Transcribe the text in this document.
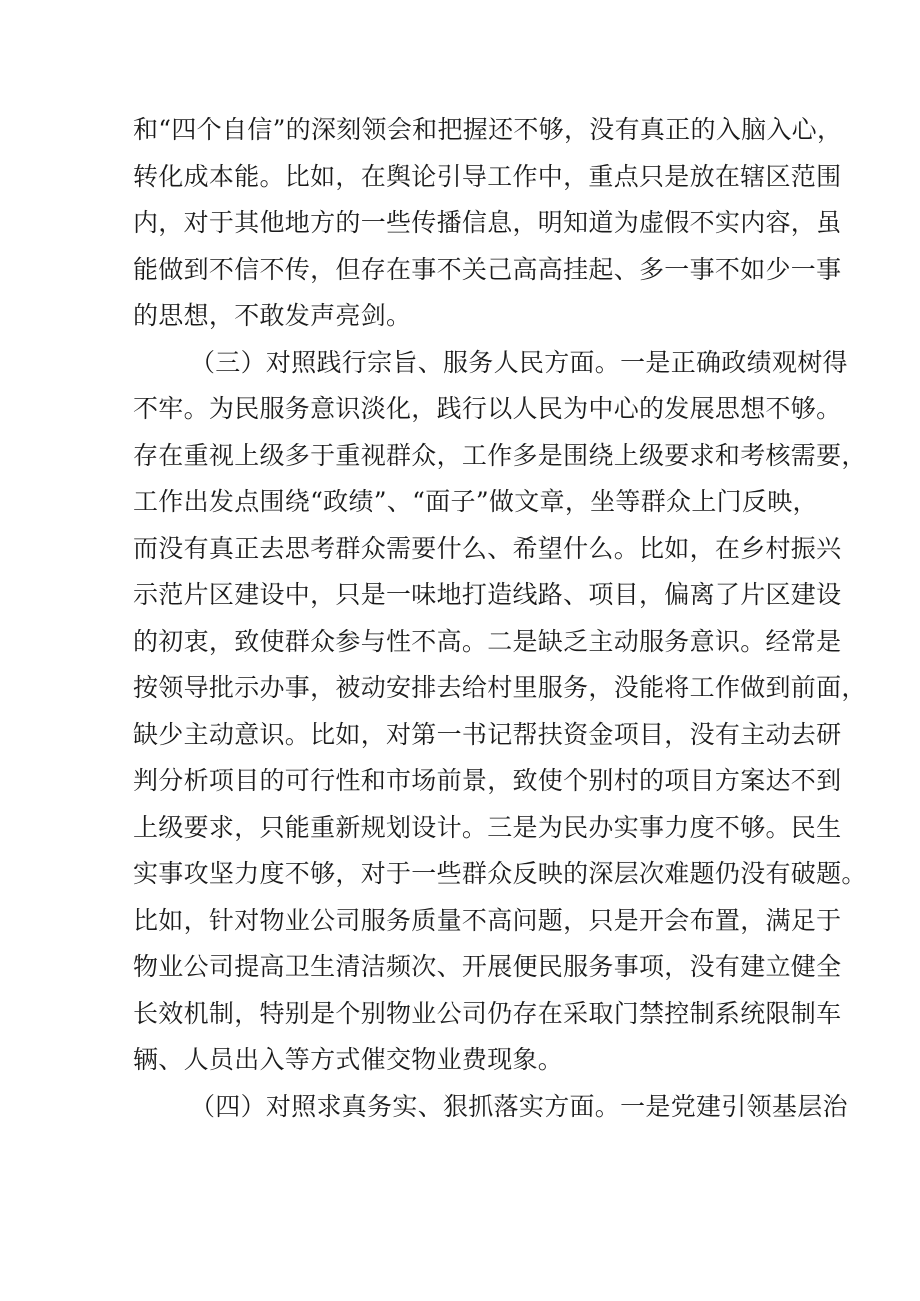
和“四个自信”的深刻领会和把握还不够，没有真正的入脑入心，
转化成本能。比如，在舆论引导工作中，重点只是放在辖区范围
内，对于其他地方的一些传播信息，明知道为虚假不实内容，虽
能做到不信不传，但存在事不关己高高挂起、多一事不如少一事
的思想，不敢发声亮剑。
（三）对照践行宗旨、服务人民方面。一是正确政绩观树得
不牢。为民服务意识淡化，践行以人民为中心的发展思想不够。
存在重视上级多于重视群众，工作多是围绕上级要求和考核需要，
工作出发点围绕“政绩”、“面子”做文章，坐等群众上门反映，
而没有真正去思考群众需要什么、希望什么。比如，在乡村振兴
示范片区建设中，只是一味地打造线路、项目，偏离了片区建设
的初衷，致使群众参与性不高。二是缺乏主动服务意识。经常是
按领导批示办事，被动安排去给村里服务，没能将工作做到前面，
缺少主动意识。比如，对第一书记帮扶资金项目，没有主动去研
判分析项目的可行性和市场前景，致使个别村的项目方案达不到
上级要求，只能重新规划设计。三是为民办实事力度不够。民生
实事攻坚力度不够，对于一些群众反映的深层次难题仍没有破题。
比如，针对物业公司服务质量不高问题，只是开会布置，满足于
物业公司提高卫生清洁频次、开展便民服务事项，没有建立健全
长效机制，特别是个别物业公司仍存在采取门禁控制系统限制车
辆、人员出入等方式催交物业费现象。
（四）对照求真务实、狠抓落实方面。一是党建引领基层治
